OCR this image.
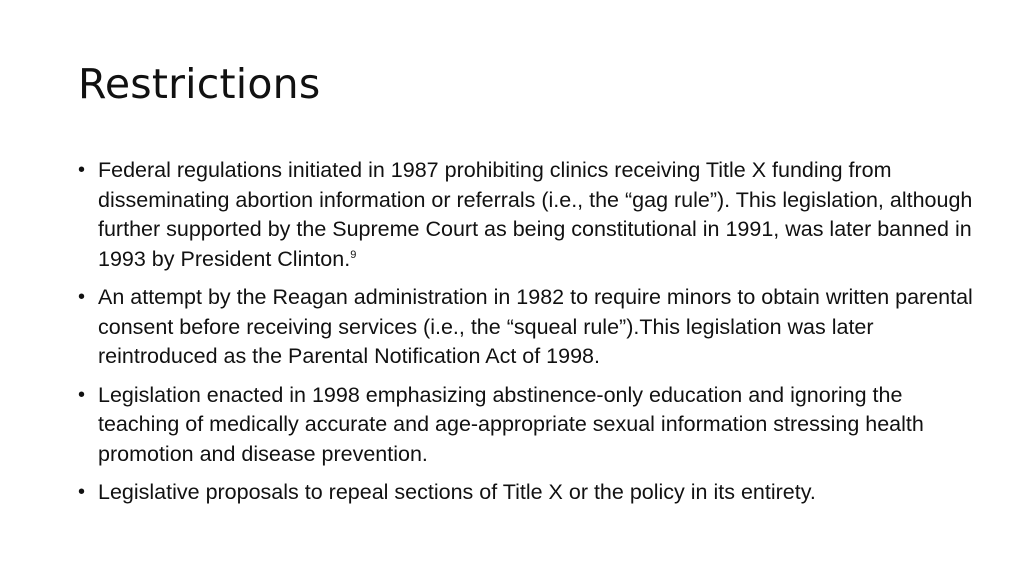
Restrictions
• Federal regulations initiated in 1987 prohibiting clinics receiving Title X funding from disseminating abortion information or referrals (i.e., the “gag rule”). This legislation, although further supported by the Supreme Court as being constitutional in 1991, was later banned in 1993 by President Clinton.$^9$
• An attempt by the Reagan administration in 1982 to require minors to obtain written parental consent before receiving services (i.e., the “squeal rule”).This legislation was later reintroduced as the Parental Notification Act of 1998.
• Legislation enacted in 1998 emphasizing abstinence-only education and ignoring the teaching of medically accurate and age-appropriate sexual information stressing health promotion and disease prevention.
• Legislative proposals to repeal sections of Title X or the policy in its entirety.
